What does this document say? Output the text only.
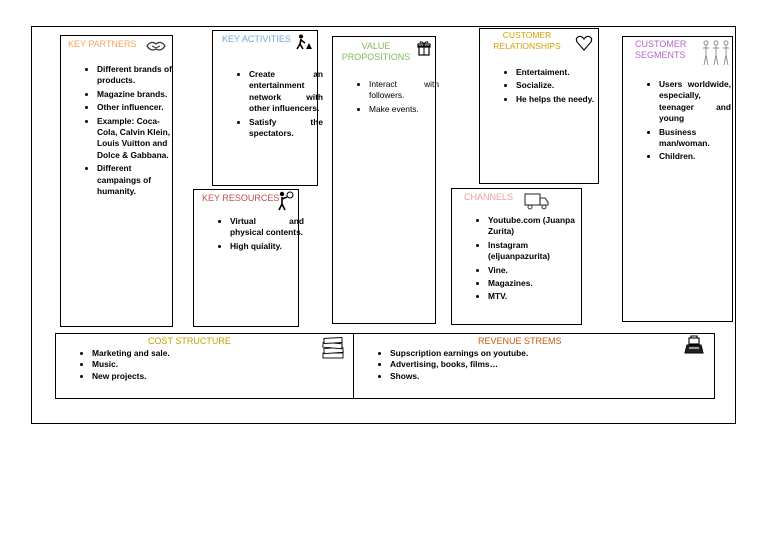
KEY PARTNERS
• Different brands of products.
• Magazine brands.
• Other influencer.
• Example: Coca-Cola, Calvin Klein, Louis Vuitton and Dolce & Gabbana.
• Different campaings of humanity.
KEY ACTIVITIES
• Create an entertainment network with other influencers.
• Satisfy the spectators.
KEY RESOURCES
• Virtual and physical contents.
• High quiality.
VALUE PROPOSITIONS
• Interact with followers.
• Make events.
CUSTOMER RELATIONSHIPS
• Entertaiment.
• Socialize.
• He helps the needy.
CHANNELS
• Youtube.com (Juanpa Zurita)
• Instagram (eljuanpazurita)
• Vine.
• Magazines.
• MTV.
CUSTOMER SEGMENTS
• Users worldwide, especially, teenager and young
• Business man/woman.
• Children.
COST STRUCTURE
• Marketing and sale.
• Music.
• New projects.
REVENUE STREMS
• Supscription earnings on youtube.
• Advertising, books, films…
• Shows.
